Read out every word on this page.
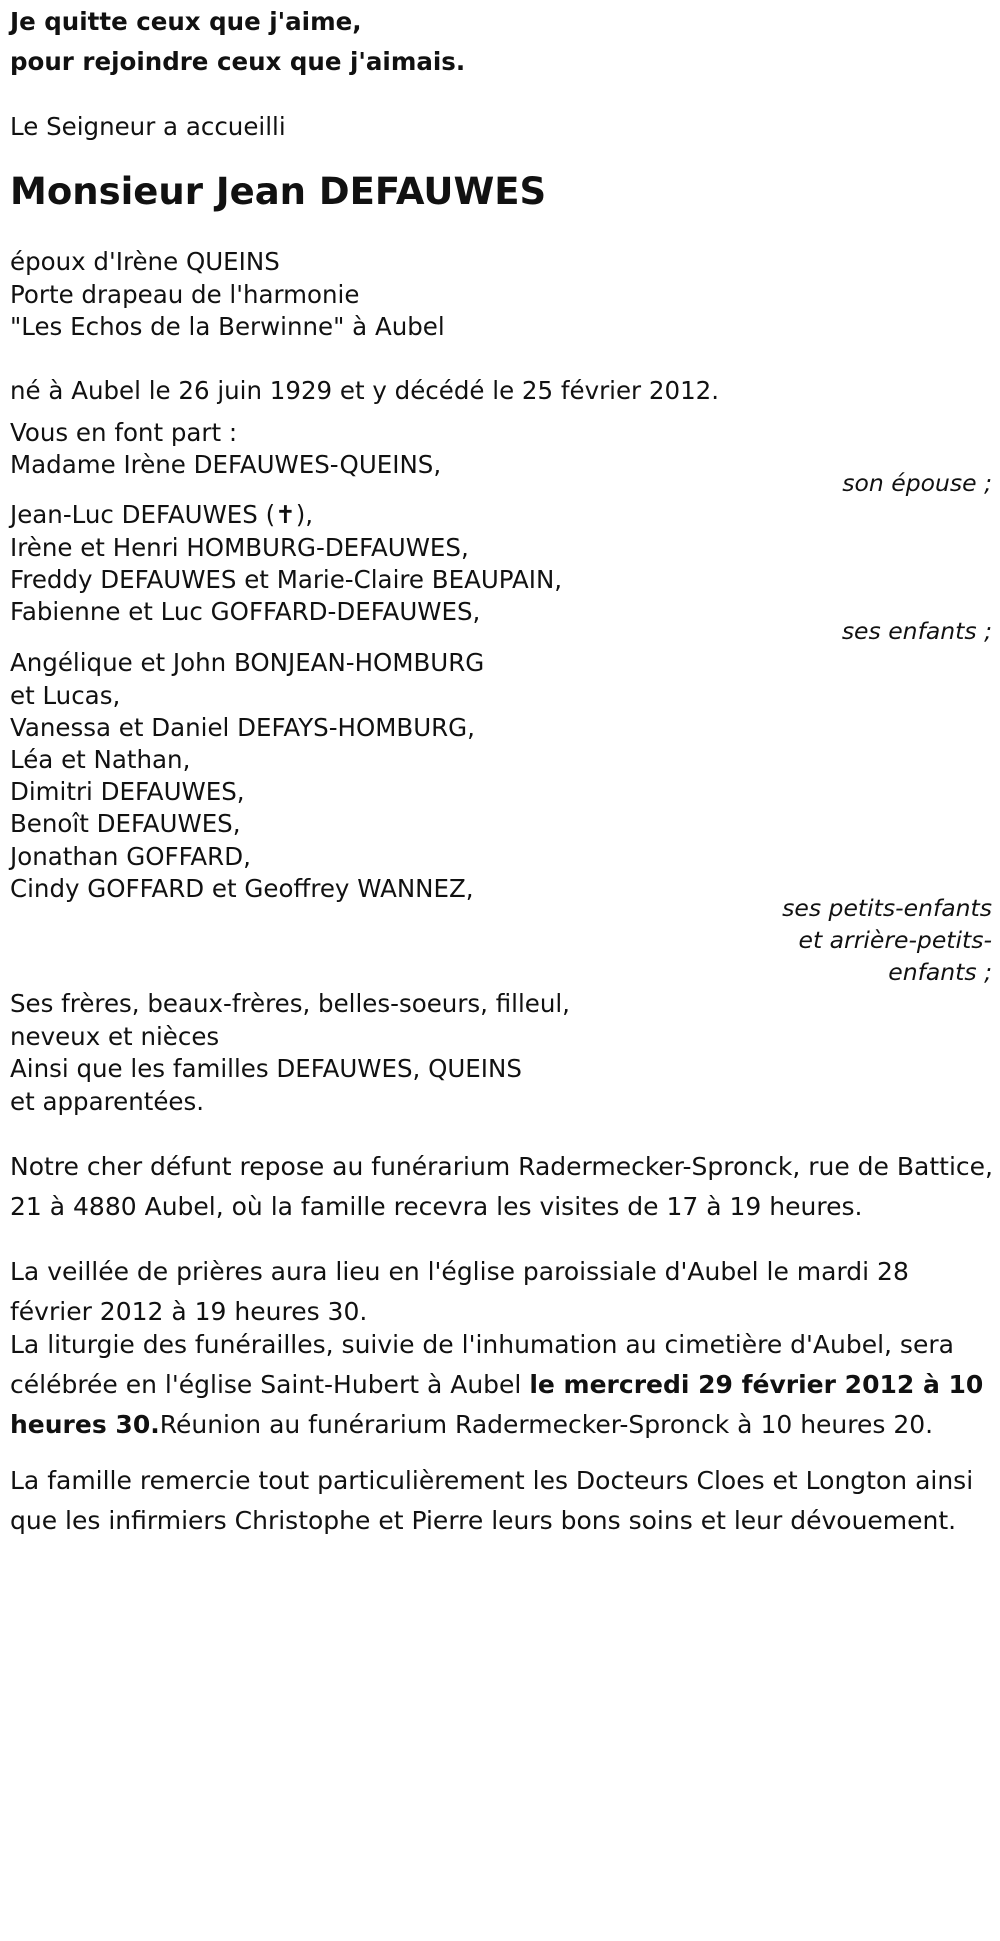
Je quitte ceux que j'aime,
pour rejoindre ceux que j'aimais.
Le Seigneur a accueilli
Monsieur Jean DEFAUWES
époux d'Irène QUEINS
Porte drapeau de l'harmonie
"Les Echos de la Berwinne" à Aubel
né à Aubel le 26 juin 1929 et y décédé le 25 février 2012.
Vous en font part :
Madame Irène DEFAUWES-QUEINS,
son épouse ;
Jean-Luc DEFAUWES (✝),
Irène et Henri HOMBURG-DEFAUWES,
Freddy DEFAUWES et Marie-Claire BEAUPAIN,
Fabienne et Luc GOFFARD-DEFAUWES,
ses enfants ;
Angélique et John BONJEAN-HOMBURG
et Lucas,
Vanessa et Daniel DEFAYS-HOMBURG,
Léa et Nathan,
Dimitri DEFAUWES,
Benoît DEFAUWES,
Jonathan GOFFARD,
Cindy GOFFARD et Geoffrey WANNEZ,
ses petits-enfants
et arrière-petits-
enfants ;
Ses frères, beaux-frères, belles-soeurs, filleul,
neveux et nièces
Ainsi que les familles DEFAUWES, QUEINS
et apparentées.
Notre cher défunt repose au funérarium Radermecker-Spronck, rue de Battice, 21 à 4880 Aubel, où la famille recevra les visites de 17 à 19 heures.
La veillée de prières aura lieu en l'église paroissiale d'Aubel le mardi 28 février 2012 à 19 heures 30.
La liturgie des funérailles, suivie de l'inhumation au cimetière d'Aubel, sera célébrée en l'église Saint-Hubert à Aubel le mercredi 29 février 2012 à 10 heures 30.Réunion au funérarium Radermecker-Spronck à 10 heures 20.
La famille remercie tout particulièrement les Docteurs Cloes et Longton ainsi que les infirmiers Christophe et Pierre leurs bons soins et leur dévouement.
